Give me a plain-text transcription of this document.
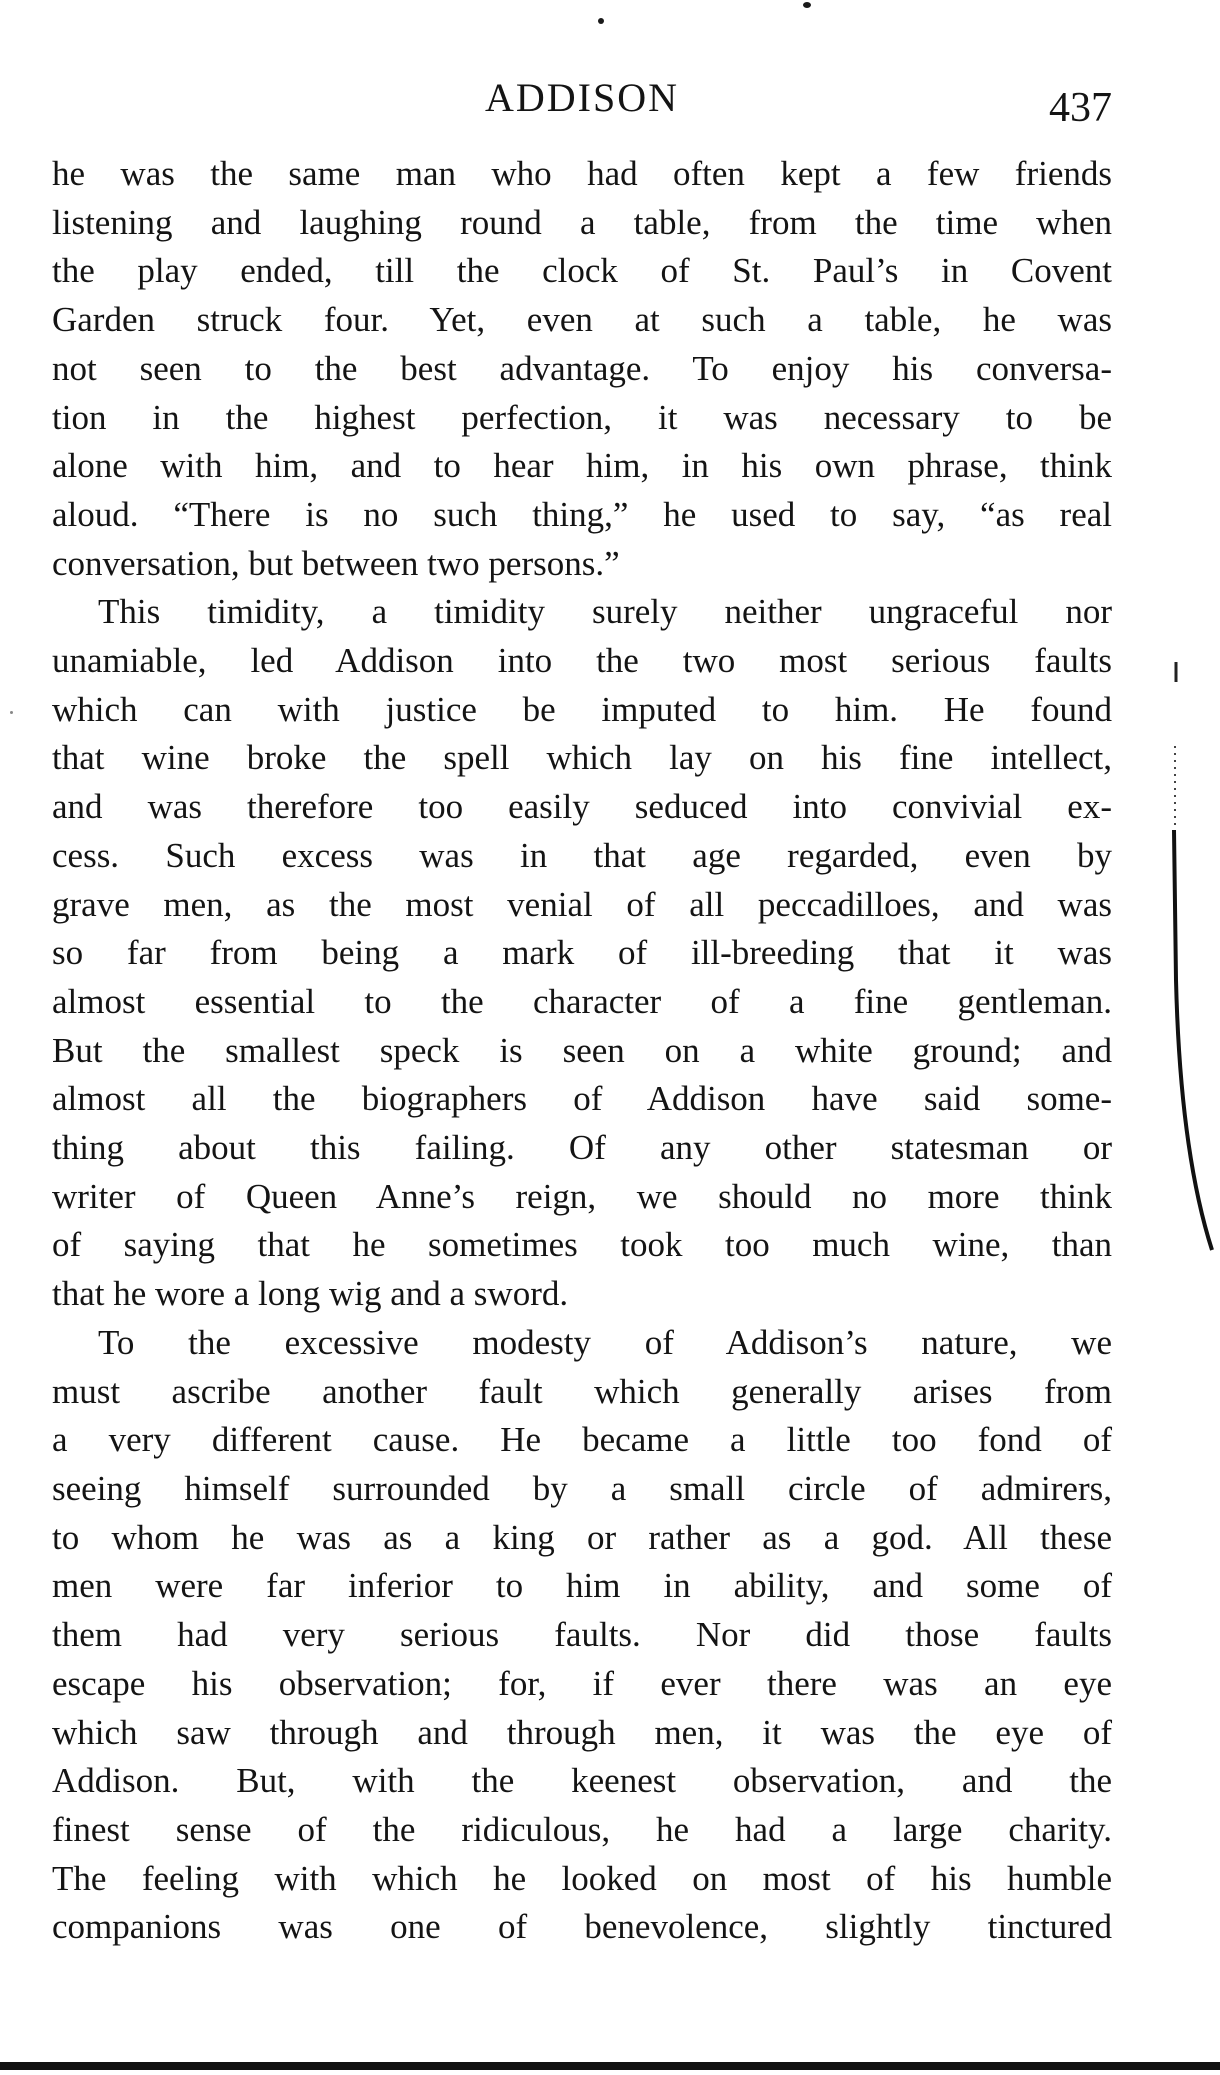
ADDISON	437

he was the same man who had often kept a few friends

listening and laughing round a table, from the time when

the play ended, till the clock of St. Paul’s in Covent

Garden struck four. Yet, even at such a table, he was

not seen to the best advantage. To enjoy his conversa-

tion in the highest perfection, it was necessary to be

alone with him, and to hear him, in his own phrase, think

aloud. “There is no such thing,” he used to say, “as real

conversation, but between two persons.”

This timidity, a timidity surely neither ungraceful nor

unamiable, led Addison into the two most serious faults

which can with justice be imputed to him. He found

that wine broke the spell which lay on his fine intellect,

and was therefore too easily seduced into convivial ex-

cess. Such excess was in that age regarded, even by

grave men, as the most venial of all peccadilloes, and was

so far from being a mark of ill-breeding that it was

almost essential to the character of a fine gentleman.

But the smallest speck is seen on a white ground; and

almost all the biographers of Addison have said some-

thing about this failing. Of any other statesman or

writer of Queen Anne’s reign, we should no more think

of saying that he sometimes took too much wine, than

that he wore a long wig and a sword.

To the excessive modesty of Addison’s nature, we

must ascribe another fault which generally arises from

a very different cause. He became a little too fond of

seeing himself surrounded by a small circle of admirers,

to whom he was as a king or rather as a god. All these

men were far inferior to him in ability, and some of

them had very serious faults. Nor did those faults

escape his observation; for, if ever there was an eye

which saw through and through men, it was the eye of

Addison. But, with the keenest observation, and the

finest sense of the ridiculous, he had a large charity.

The feeling with which he looked on most of his humble

companions was one of benevolence, slightly tinctured
